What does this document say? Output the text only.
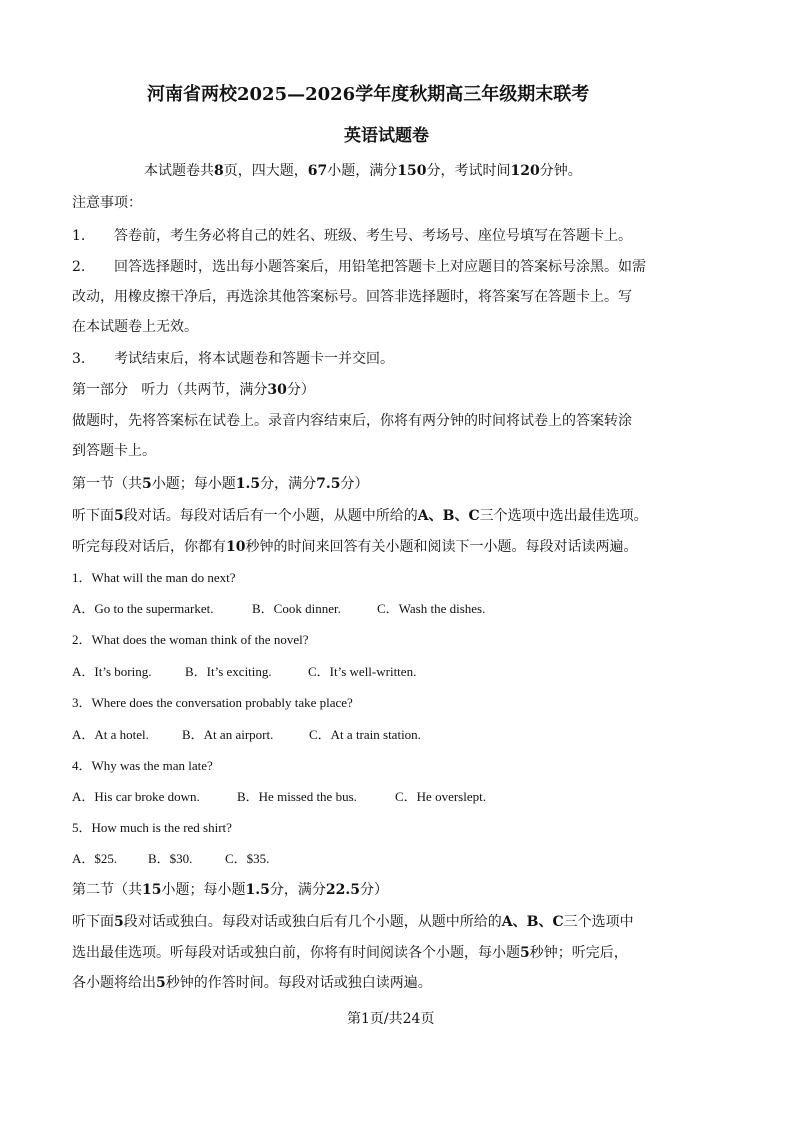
河南省两校2025—2026学年度秋期高三年级期末联考
英语试题卷
本试题卷共8页，四大题，67小题，满分150分，考试时间120分钟。
注意事项：
1. 答卷前，考生务必将自己的姓名、班级、考生号、考场号、座位号填写在答题卡上。
2. 回答选择题时，选出每小题答案后，用铅笔把答题卡上对应题目的答案标号涂黑。如需
改动，用橡皮擦干净后，再选涂其他答案标号。回答非选择题时，将答案写在答题卡上。写
在本试题卷上无效。
3. 考试结束后，将本试题卷和答题卡一并交回。
第一部分 听力（共两节，满分30分）
做题时，先将答案标在试卷上。录音内容结束后，你将有两分钟的时间将试卷上的答案转涂
到答题卡上。
第一节（共5小题；每小题1.5分，满分7.5分）
听下面5段对话。每段对话后有一个小题，从题中所给的A、B、C三个选项中选出最佳选项。
听完每段对话后，你都有10秒钟的时间来回答有关小题和阅读下一小题。每段对话读两遍。
1．What will the man do next?
A．Go to the supermarket.	B．Cook dinner.	C．Wash the dishes.
2．What does the woman think of the novel?
A．It’s boring.	B．It’s exciting.	C．It’s well-written.
3．Where does the conversation probably take place?
A．At a hotel.	B．At an airport.	C．At a train station.
4．Why was the man late?
A．His car broke down.	B．He missed the bus.	C．He overslept.
5．How much is the red shirt?
A．$25. B．$30.	C．$35.
第二节（共15小题；每小题1.5分，满分22.5分）
听下面5段对话或独白。每段对话或独白后有几个小题，从题中所给的A、B、C三个选项中
选出最佳选项。听每段对话或独白前，你将有时间阅读各个小题，每小题5秒钟；听完后，
各小题将给出5秒钟的作答时间。每段对话或独白读两遍。
第1页/共24页
